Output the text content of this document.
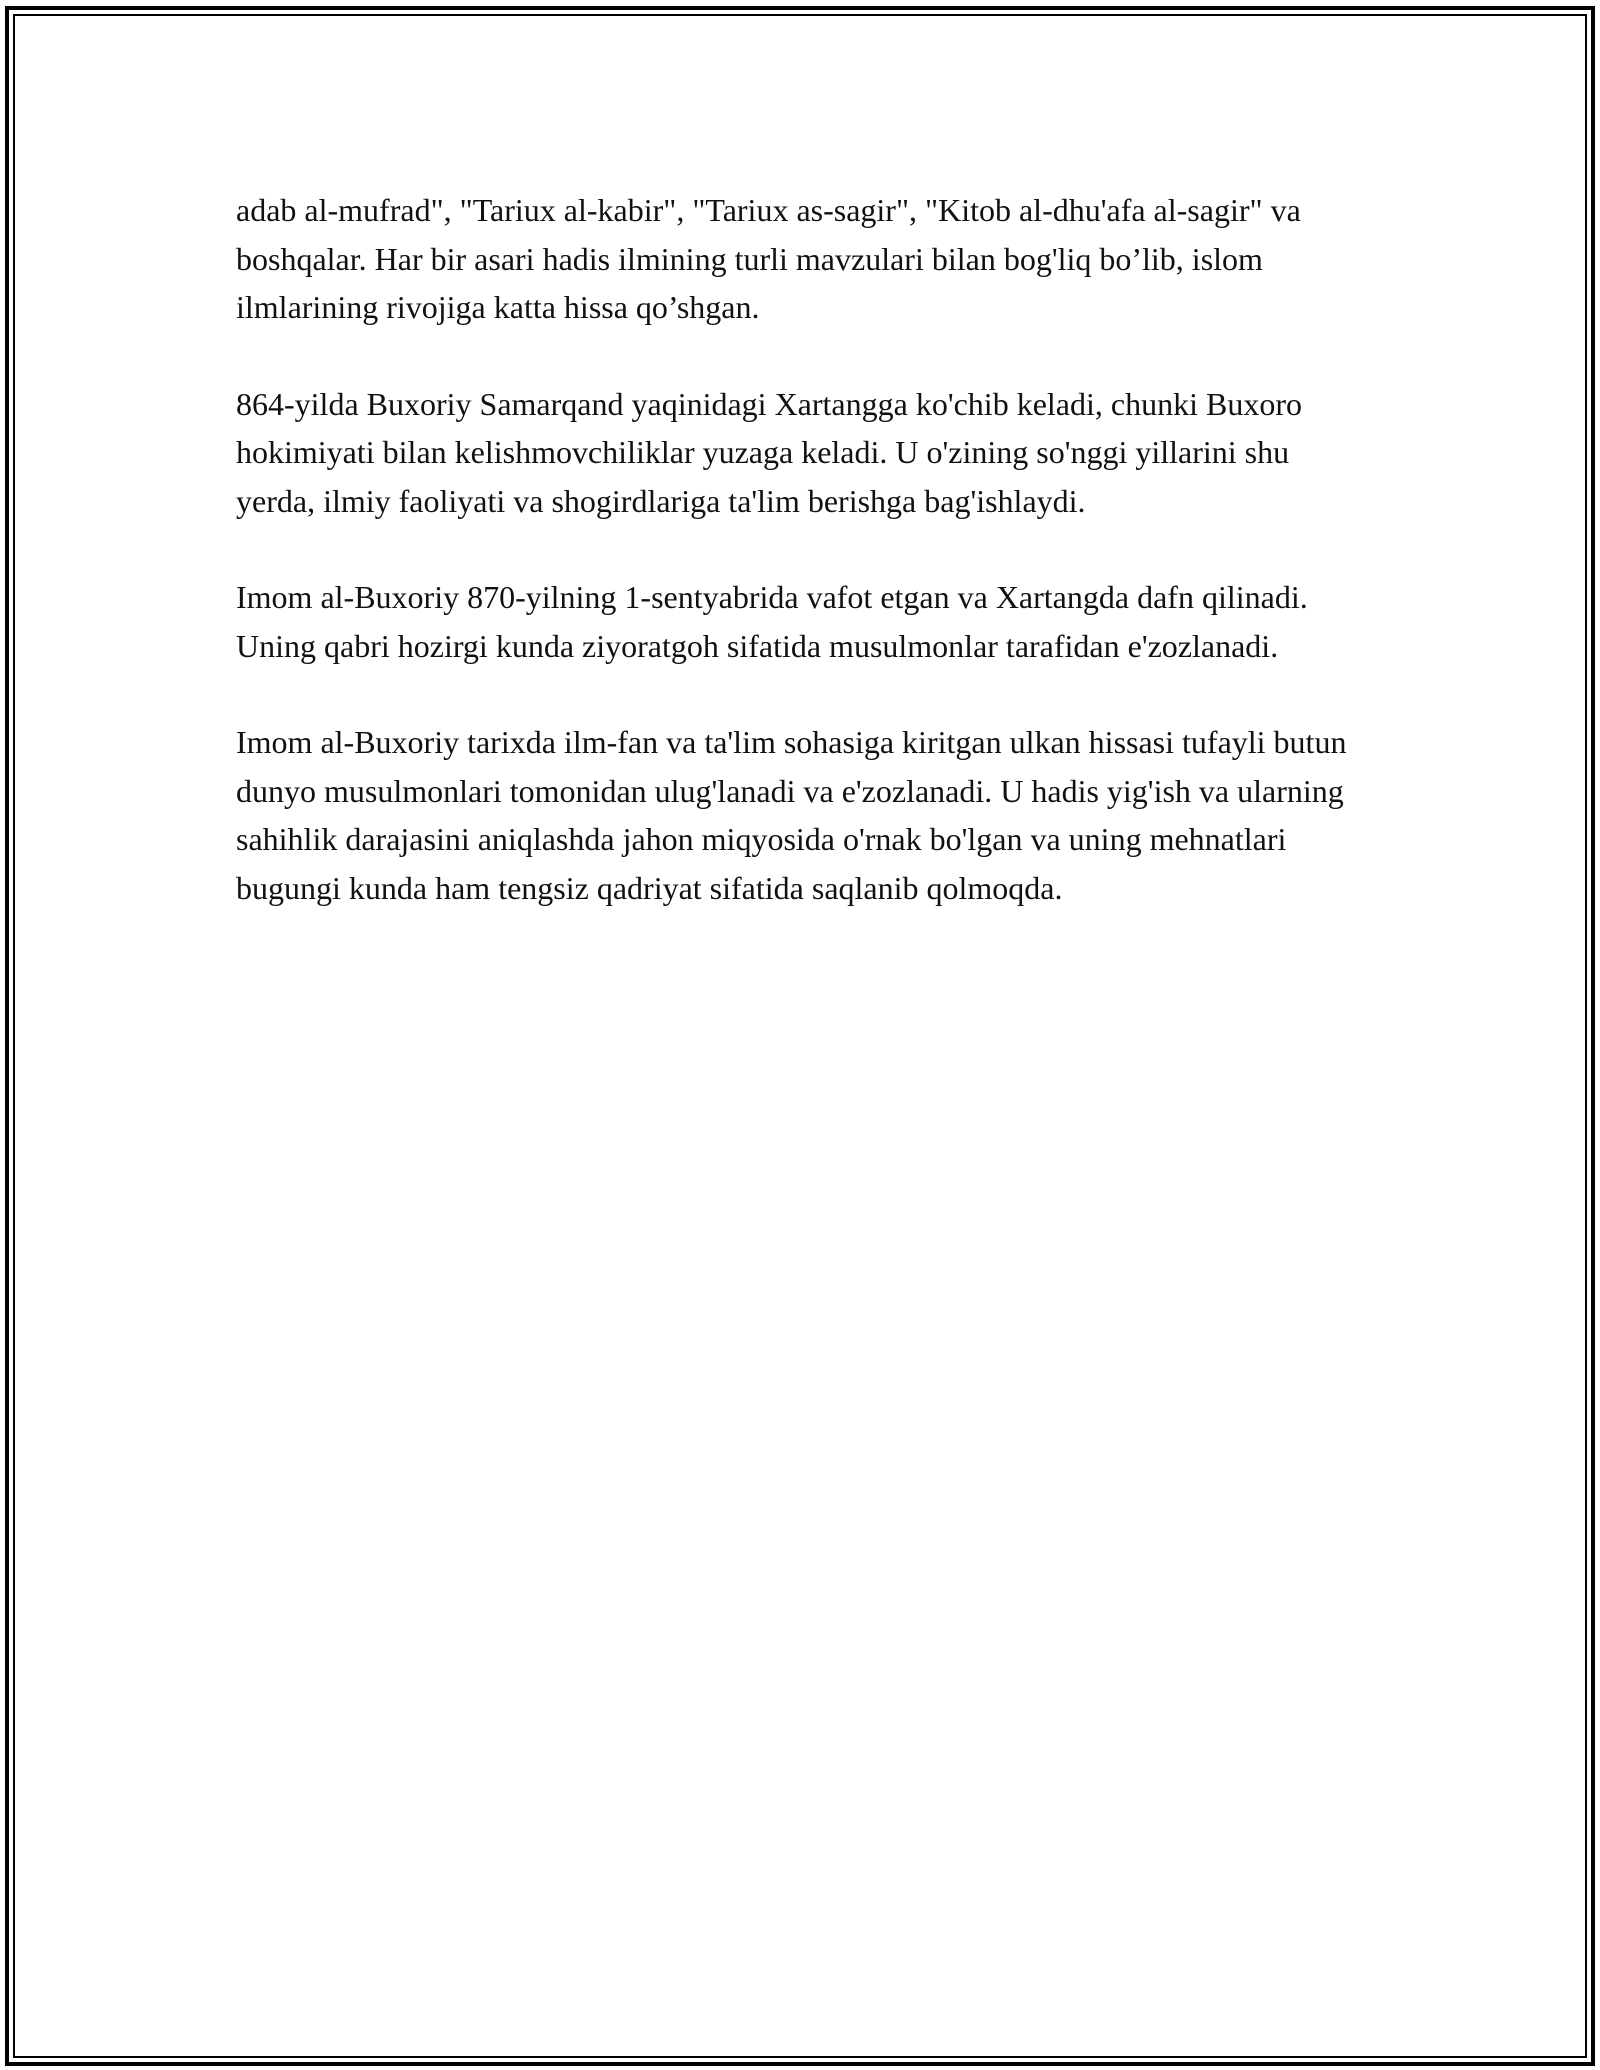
adab al-mufrad", "Tariux al-kabir", "Tariux as-sagir", "Kitob al-dhu'afa al-sagir" va boshqalar. Har bir asari hadis ilmining turli mavzulari bilan bog'liq bo’lib, islom ilmlarining rivojiga katta hissa qo’shgan.

864-yilda Buxoriy Samarqand yaqinidagi Xartangga ko'chib keladi, chunki Buxoro hokimiyati bilan kelishmovchiliklar yuzaga keladi. U o'zining so'nggi yillarini shu yerda, ilmiy faoliyati va shogirdlariga ta'lim berishga bag'ishlaydi.

Imom al-Buxoriy 870-yilning 1-sentyabrida vafot etgan va Xartangda dafn qilinadi. Uning qabri hozirgi kunda ziyoratgoh sifatida musulmonlar tarafidan e'zozlanadi.

Imom al-Buxoriy tarixda ilm-fan va ta'lim sohasiga kiritgan ulkan hissasi tufayli butun dunyo musulmonlari tomonidan ulug'lanadi va e'zozlanadi. U hadis yig'ish va ularning sahihlik darajasini aniqlashda jahon miqyosida o'rnak bo'lgan va uning mehnatlari bugungi kunda ham tengsiz qadriyat sifatida saqlanib qolmoqda.
